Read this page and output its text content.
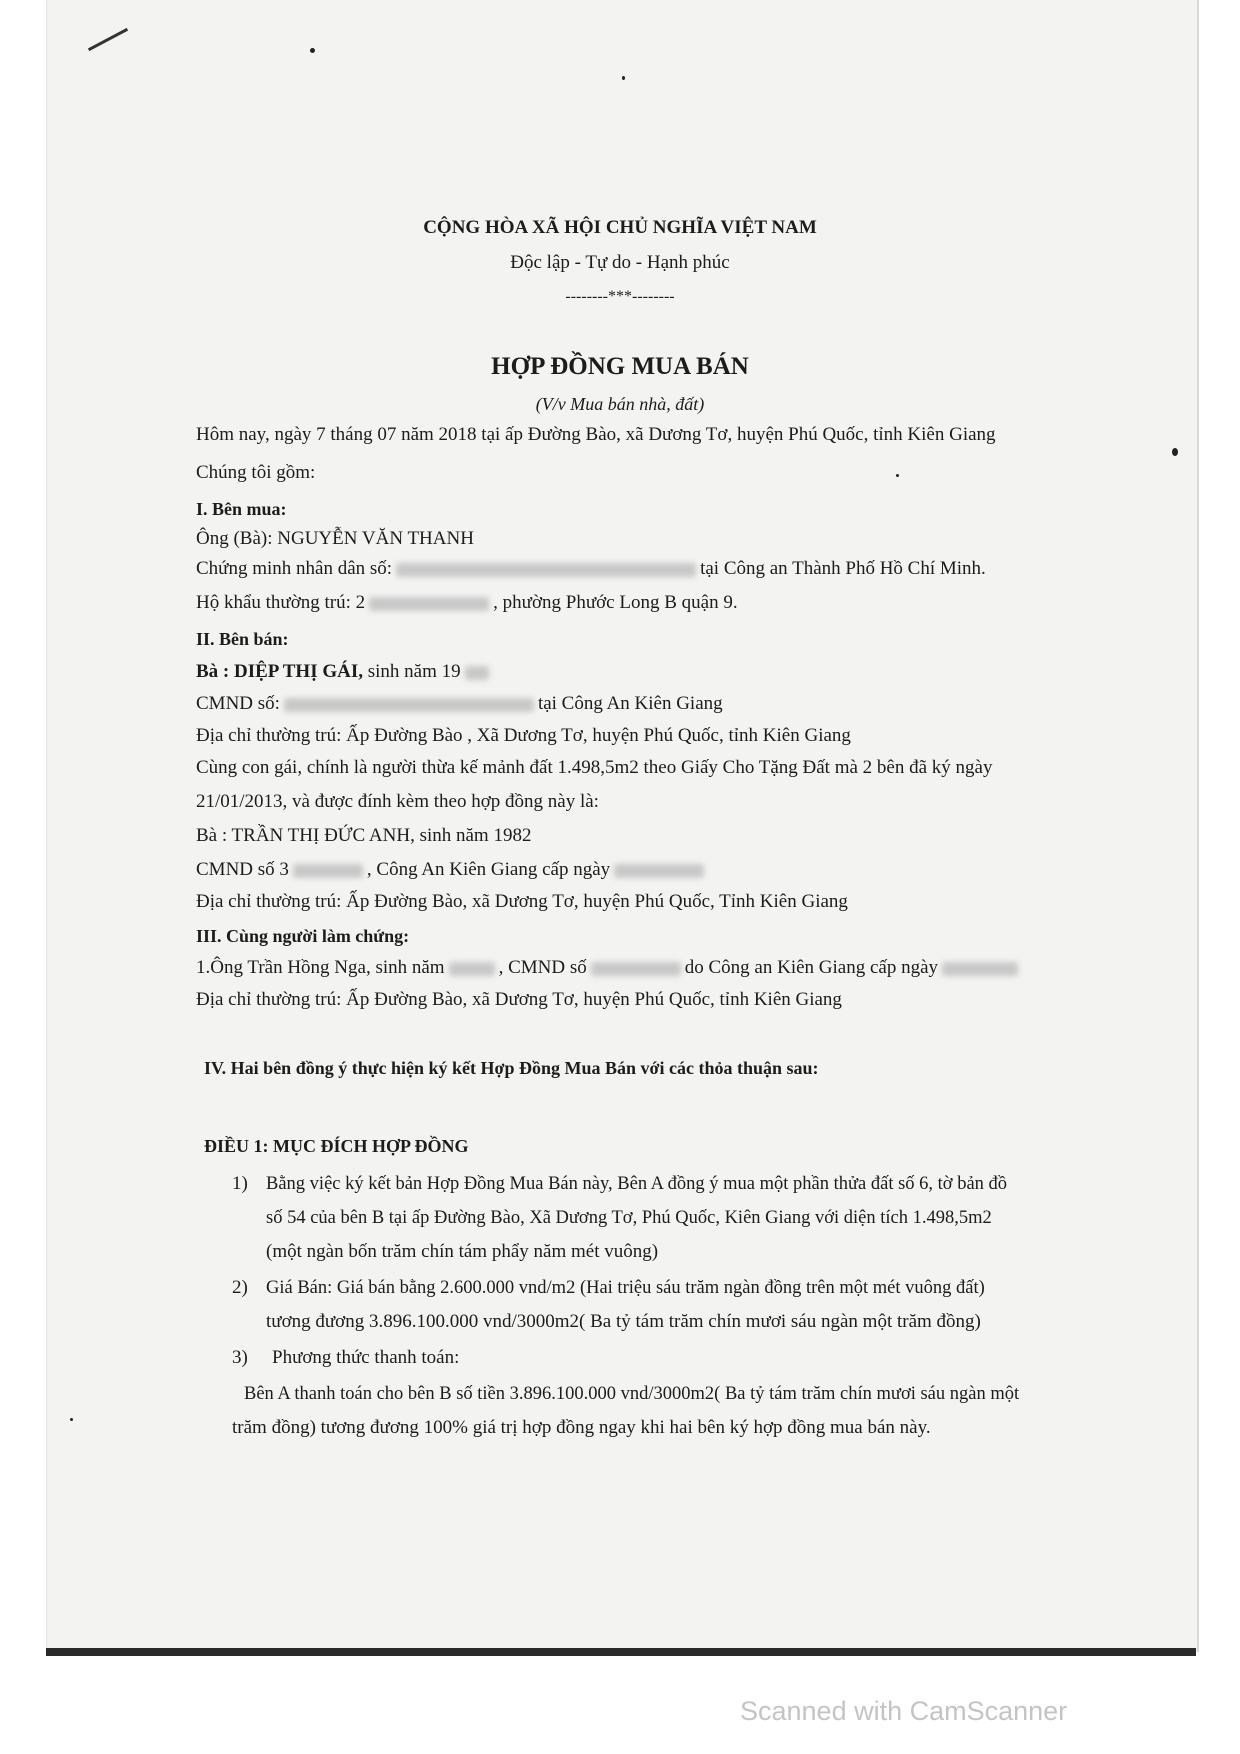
CỘNG HÒA XÃ HỘI CHỦ NGHĨA VIỆT NAM
Độc lập - Tự do - Hạnh phúc
--------***--------
HỢP ĐỒNG MUA BÁN
(V/v Mua bán nhà, đất)
Hôm nay, ngày 7 tháng 07 năm 2018 tại ấp Đường Bào, xã Dương Tơ, huyện Phú Quốc, tỉnh Kiên Giang
Chúng tôi gồm:
I. Bên mua:
Ông (Bà): NGUYỄN VĂN THANH
Chứng minh nhân dân số:	tại Công an Thành Phố Hồ Chí Minh.
Hộ khẩu thường trú: 2	, phường Phước Long B quận 9.
II. Bên bán:
Bà : DIỆP THỊ GÁI, sinh năm 19
CMND số:	tại Công An Kiên Giang
Địa chỉ thường trú: Ấp Đường Bào , Xã Dương Tơ, huyện Phú Quốc, tỉnh Kiên Giang
Cùng con gái, chính là người thừa kế mảnh đất 1.498,5m2 theo Giấy Cho Tặng Đất mà 2 bên đã ký ngày
21/01/2013, và được đính kèm theo hợp đồng này là:
Bà : TRẦN THỊ ĐỨC ANH, sinh năm 1982
CMND số 3	, Công An Kiên Giang cấp ngày
Địa chỉ thường trú: Ấp Đường Bào, xã Dương Tơ, huyện Phú Quốc, Tỉnh Kiên Giang
III. Cùng người làm chứng:
1.Ông Trần Hồng Nga, sinh năm	, CMND số	do Công an Kiên Giang cấp ngày
Địa chỉ thường trú: Ấp Đường Bào, xã Dương Tơ, huyện Phú Quốc, tỉnh Kiên Giang
IV. Hai bên đồng ý thực hiện ký kết Hợp Đồng Mua Bán với các thỏa thuận sau:
ĐIỀU 1: MỤC ĐÍCH HỢP ĐỒNG
1) Bằng việc ký kết bản Hợp Đồng Mua Bán này, Bên A đồng ý mua một phần thửa đất số 6, tờ bản đồ
số 54 của bên B tại ấp Đường Bào, Xã Dương Tơ, Phú Quốc, Kiên Giang với diện tích 1.498,5m2
(một ngàn bốn trăm chín tám phẩy năm mét vuông)
2) Giá Bán: Giá bán bằng 2.600.000 vnd/m2 (Hai triệu sáu trăm ngàn đồng trên một mét vuông đất)
tương đương 3.896.100.000 vnd/3000m2( Ba tỷ tám trăm chín mươi sáu ngàn một trăm đồng)
3) Phương thức thanh toán:
Bên A thanh toán cho bên B số tiền 3.896.100.000 vnd/3000m2( Ba tỷ tám trăm chín mươi sáu ngàn một
trăm đồng) tương đương 100% giá trị hợp đồng ngay khi hai bên ký hợp đồng mua bán này.
Scanned with CamScanner
